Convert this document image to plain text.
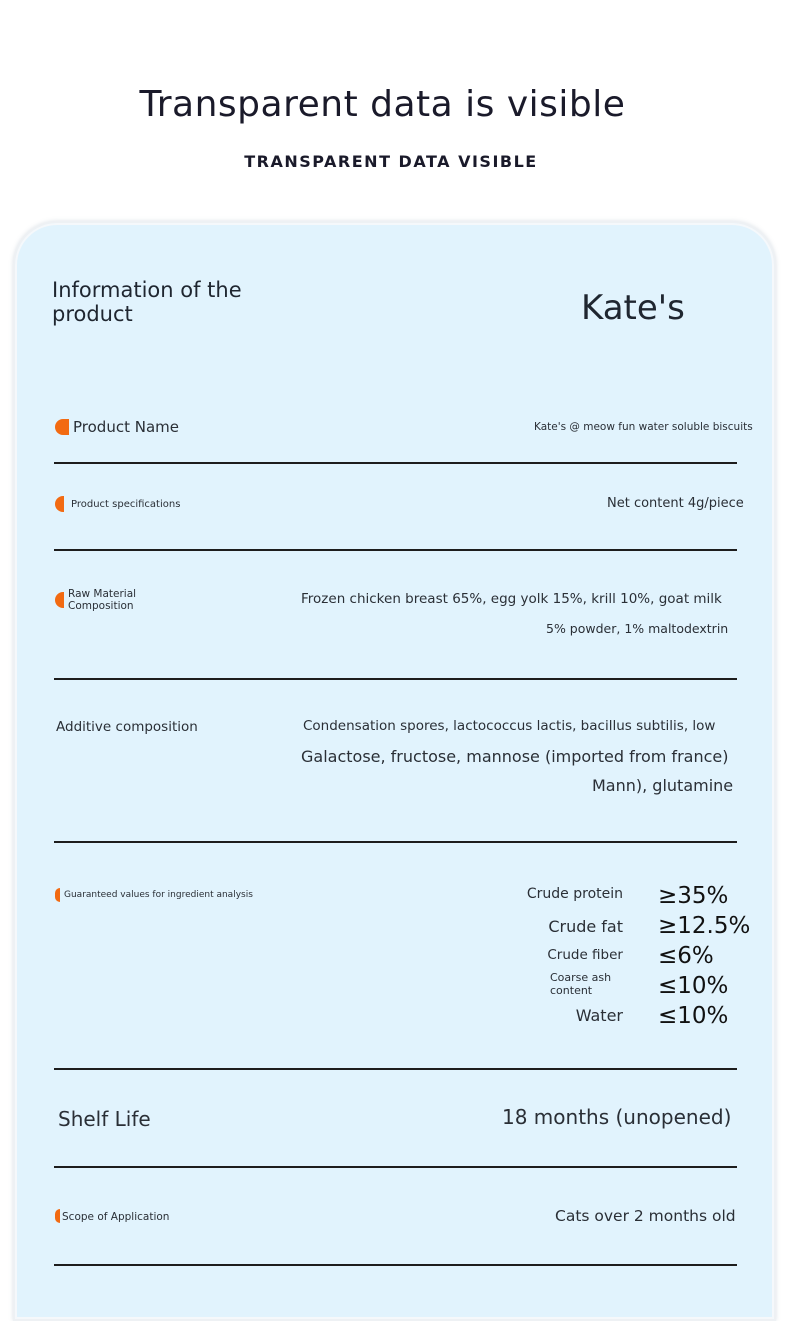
Transparent data is visible
TRANSPARENT DATA VISIBLE
Information of the product	Kate's
Product Name	Kate's @ meow fun water soluble biscuits
Product specifications	Net content 4g/piece
Raw Material
Composition	Frozen chicken breast 65%, egg yolk 15%, krill 10%, goat milk
5% powder, 1% maltodextrin
Additive composition	Condensation spores, lactococcus lactis, bacillus subtilis, low
Galactose, fructose, mannose (imported from france)
Mann), glutamine
Guaranteed values for ingredient analysis	Crude protein ≥35%
Crude fat ≥12.5%
Crude fiber ≤6%
Coarse ash
content	≤10%
Water ≤10%
Shelf Life	18 months (unopened)
Scope of Application	Cats over 2 months old
